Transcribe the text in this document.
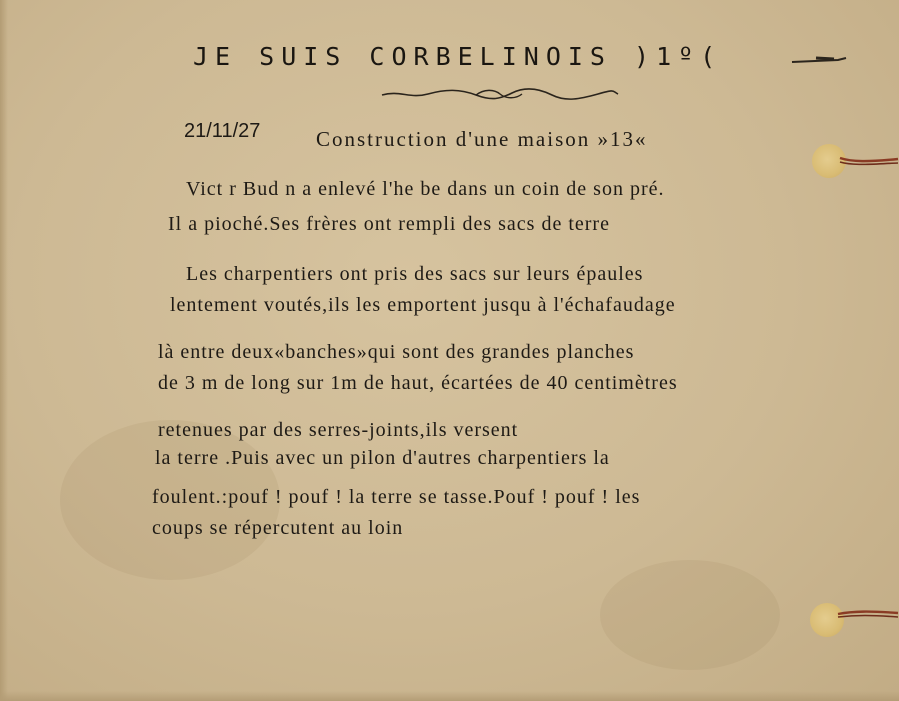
JE SUIS CORBELINOIS )1º(
21/11/27	Construction d'une maison »13«
Vict r Bud n a enlevé l'he be dans un coin de son pré.
Il a pioché.Ses frères ont rempli des sacs de terre
Les charpentiers ont pris des sacs sur leurs épaules
lentement voutés,ils les emportent jusqu à l'échafaudage
là entre deux«banches»qui sont des grandes planches
de 3 m de long sur 1m de haut, écartées de 40 centimètres
retenues par des serres-joints,ils versent
la terre .Puis avec un pilon d'autres charpentiers la
foulent.:pouf ! pouf ! la terre se tasse.Pouf ! pouf ! les
coups se répercutent au loin
